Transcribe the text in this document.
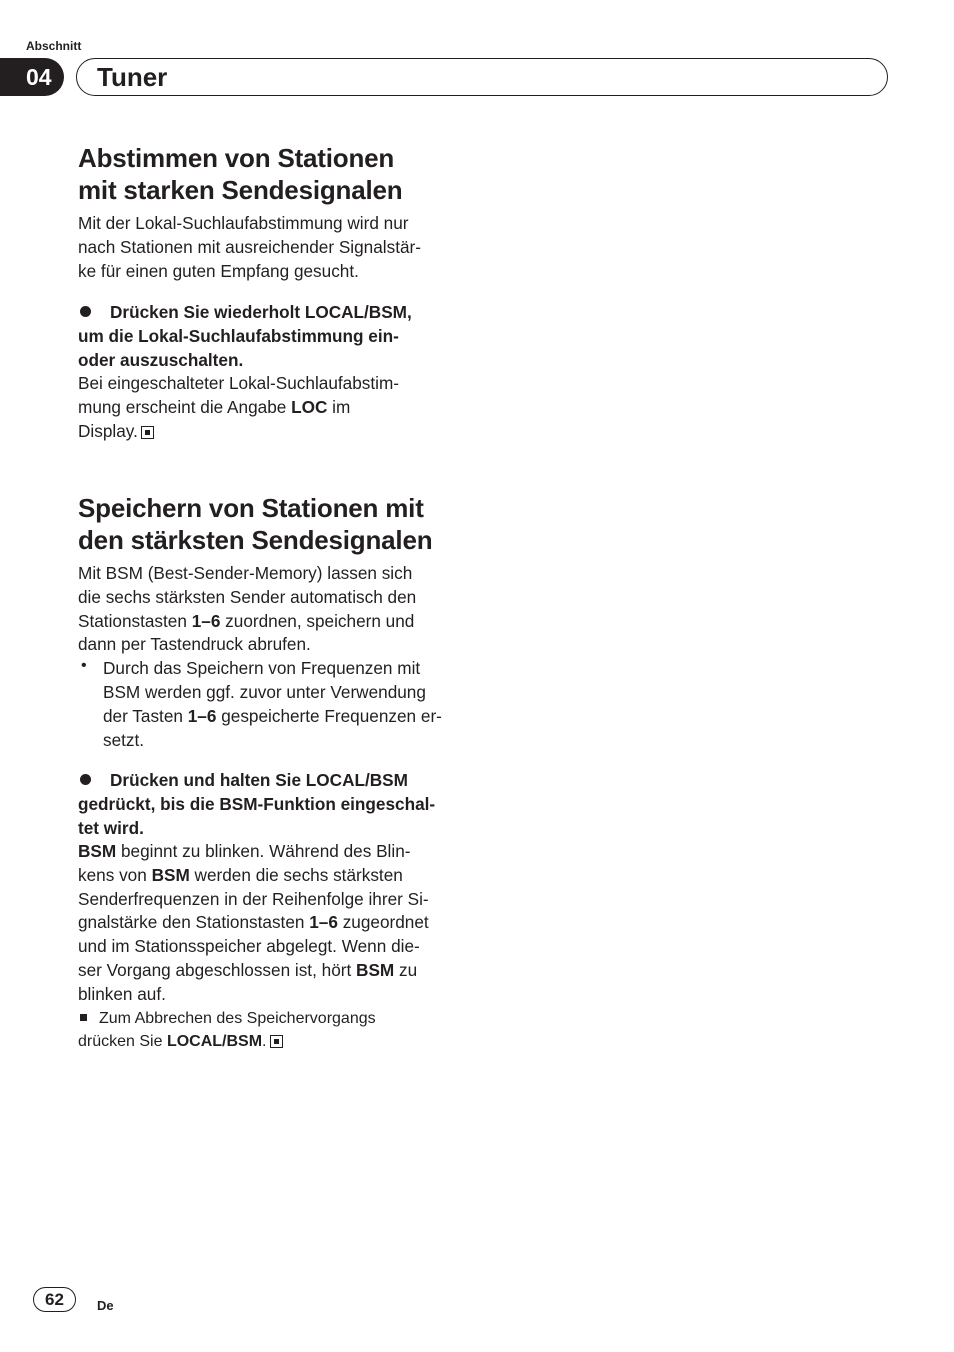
Abschnitt
04	Tuner
Abstimmen von Stationen
mit starken Sendesignalen

Mit der Lokal-Suchlaufabstimmung wird nur

nach Stationen mit ausreichender Signalstär-

ke für einen guten Empfang gesucht.

Drücken Sie wiederholt LOCAL/BSM,
um die Lokal-Suchlaufabstimmung ein-
oder auszuschalten.

Bei eingeschalteter Lokal-Suchlaufabstim-

mung erscheint die Angabe LOC im

Display.

Speichern von Stationen mit
den stärksten Sendesignalen

Mit BSM (Best-Sender-Memory) lassen sich

die sechs stärksten Sender automatisch den

Stationstasten 1–6 zuordnen, speichern und

dann per Tastendruck abrufen.

• Durch das Speichern von Frequenzen mit

BSM werden ggf. zuvor unter Verwendung

der Tasten 1–6 gespeicherte Frequenzen er-

setzt.

Drücken und halten Sie LOCAL/BSM
gedrückt, bis die BSM-Funktion eingeschal-
tet wird.

BSM beginnt zu blinken. Während des Blin-

kens von BSM werden die sechs stärksten

Senderfrequenzen in der Reihenfolge ihrer Si-

gnalstärke den Stationstasten 1–6 zugeordnet

und im Stationsspeicher abgelegt. Wenn die-

ser Vorgang abgeschlossen ist, hört BSM zu

blinken auf.

Zum Abbrechen des Speichervorgangs

drücken Sie LOCAL/BSM.

62	De
